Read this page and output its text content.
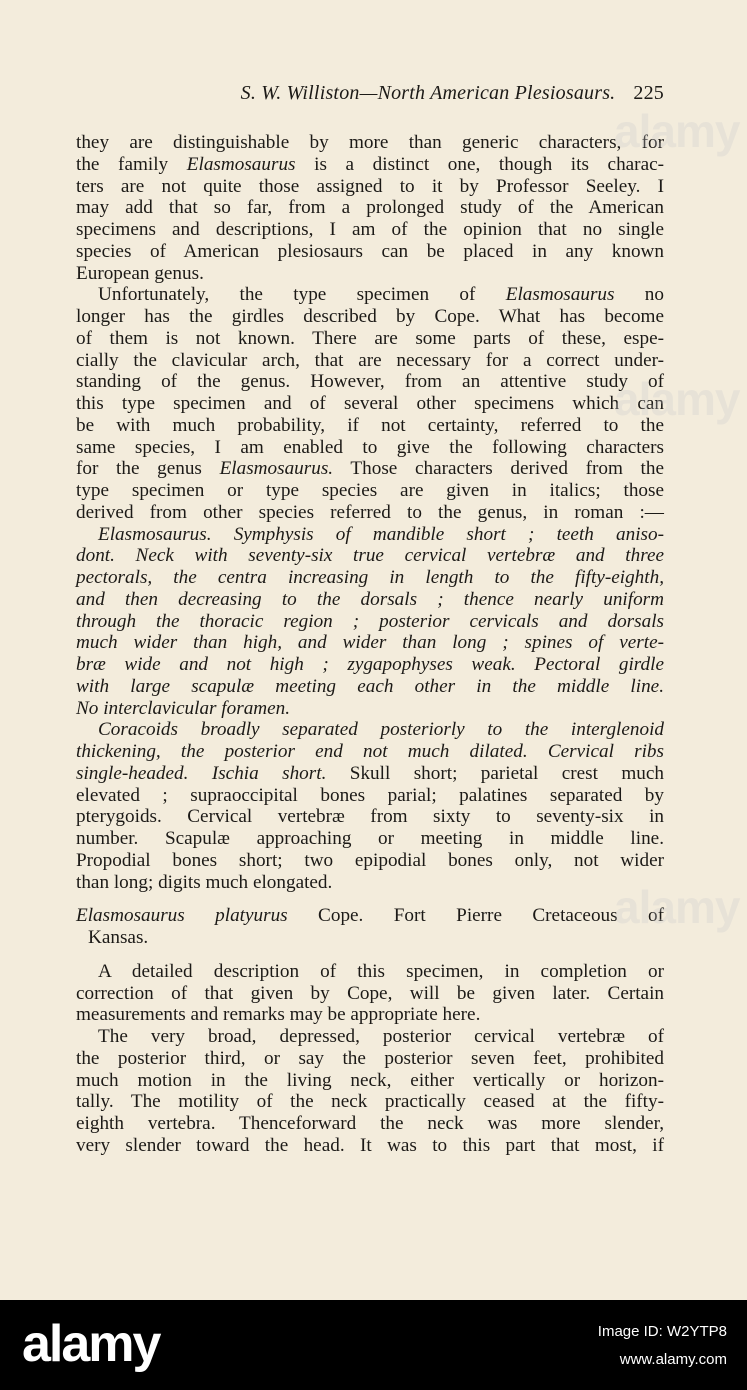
S. W. Williston—North American Plesiosaurs. 225

they are distinguishable by more than generic characters, for
the family Elasmosaurus is a distinct one, though its charac-
ters are not quite those assigned to it by Professor Seeley. I
may add that so far, from a prolonged study of the American
specimens and descriptions, I am of the opinion that no single
species of American plesiosaurs can be placed in any known
European genus.

Unfortunately, the type specimen of Elasmosaurus no
longer has the girdles described by Cope. What has become
of them is not known. There are some parts of these, espe-
cially the clavicular arch, that are necessary for a correct under-
standing of the genus. However, from an attentive study of
this type specimen and of several other specimens which can
be with much probability, if not certainty, referred to the
same species, I am enabled to give the following characters
for the genus Elasmosaurus. Those characters derived from the
type specimen or type species are given in italics; those
derived from other species referred to the genus, in roman :—

Elasmosaurus. Symphysis of mandible short ; teeth aniso-
dont. Neck with seventy-six true cervical vertebræ and three
pectorals, the centra increasing in length to the fifty-eighth,
and then decreasing to the dorsals ; thence nearly uniform
through the thoracic region ; posterior cervicals and dorsals
much wider than high, and wider than long ; spines of verte-
bræ wide and not high ; zygapophyses weak. Pectoral girdle
with large scapulæ meeting each other in the middle line.
No interclavicular foramen.

Coracoids broadly separated posteriorly to the interglenoid
thickening, the posterior end not much dilated. Cervical ribs
single-headed. Ischia short. Skull short; parietal crest much
elevated ; supraoccipital bones parial; palatines separated by
pterygoids. Cervical vertebræ from sixty to seventy-six in
number. Scapulæ approaching or meeting in middle line.
Propodial bones short; two epipodial bones only, not wider
than long; digits much elongated.

Elasmosaurus platyurus Cope. Fort Pierre Cretaceous of
Kansas.

A detailed description of this specimen, in completion or
correction of that given by Cope, will be given later. Certain
measurements and remarks may be appropriate here.

The very broad, depressed, posterior cervical vertebræ of
the posterior third, or say the posterior seven feet, prohibited
much motion in the living neck, either vertically or horizon-
tally. The motility of the neck practically ceased at the fifty-
eighth vertebra. Thenceforward the neck was more slender,
very slender toward the head. It was to this part that most, if

alamy
alamy
alamy
alamy	Image ID: W2YTP8
www.alamy.com
